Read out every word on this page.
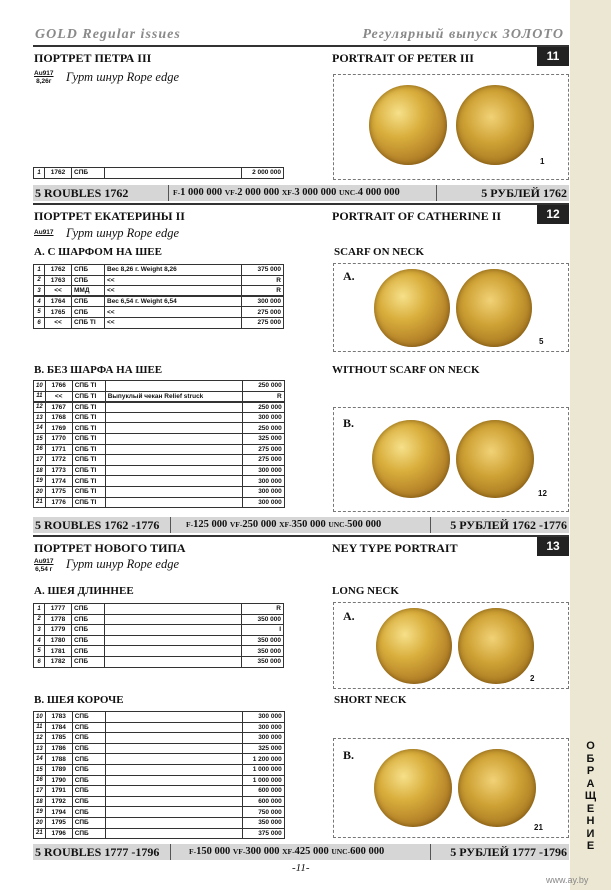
GOLD Regular issues	Регулярный выпуск ЗОЛОТО
О
Б
Р
А
Щ
Е
Н
И
Е
ПОРТРЕТ ПЕТРА III	PORTRAIT OF PETER III	11
Au917
8,26г Гурт шнур Rope edge
1	1762	СПБ		2 000 000
1
5 ROUBLES 1762	F-1 000 000 VF-2 000 000 XF-3 000 000 UNC-4 000 000	5 РУБЛЕЙ 1762
ПОРТРЕТ ЕКАТЕРИНЫ II	PORTRAIT OF CATHERINE II	12
Au917 Гурт шнур Rope edge
А. С ШАРФОМ НА ШЕЕ	SCARF ON NECK
1	1762	СПБ	Вес 8,26 г. Weight 8,26	375 000
2	1763	СПБ	<<	R
3	<<	ММД	<<	R
4	1764	СПБ	Вес 6,54 г. Weight 6,54	300 000
5	1765	СПБ	<<	275 000
6	<<	СПБ ТI	<<	275 000
A.
5
В. БЕЗ ШАРФА НА ШЕЕ	WITHOUT SCARF ON NECK
10	1766	СПБ ТI		250 000
11	<<	СПБ ТI	Выпуклый чекан Relief struck	R
12	1767	СПБ ТI		250 000
13	1768	СПБ ТI		300 000
14	1769	СПБ ТI		250 000
15	1770	СПБ ТI		325 000
16	1771	СПБ ТI		275 000
17	1772	СПБ ТI		275 000
18	1773	СПБ ТI		300 000
19	1774	СПБ ТI		300 000
20	1775	СПБ ТI		300 000
21	1776	СПБ ТI		300 000
B.
12
5 ROUBLES 1762 -1776	F-125 000 VF-250 000 XF-350 000 UNC-500 000	5 РУБЛЕЙ 1762 -1776
ПОРТРЕТ НОВОГО ТИПА	NEY TYPE PORTRAIT	13
Au917
6,54 г Гурт шнур Rope edge
А. ШЕЯ ДЛИННЕЕ	LONG NECK
1	1777	СПБ		R
2	1778	СПБ		350 000
3	1779	СПБ		I
4	1780	СПБ		350 000
5	1781	СПБ		350 000
6	1782	СПБ		350 000
A.
2
В. ШЕЯ КОРОЧЕ	SHORT NECK
10	1783	СПБ		300 000
11	1784	СПБ		300 000
12	1785	СПБ		300 000
13	1786	СПБ		325 000
14	1788	СПБ		1 200 000
15	1789	СПБ		1 000 000
16	1790	СПБ		1 000 000
17	1791	СПБ		600 000
18	1792	СПБ		600 000
19	1794	СПБ		750 000
20	1795	СПБ		350 000
21	1796	СПБ		375 000
B.
21
5 ROUBLES 1777 -1796	F-150 000 VF-300 000 XF-425 000 UNC-600 000	5 РУБЛЕЙ 1777 -1796
-11-
www.ay.by
